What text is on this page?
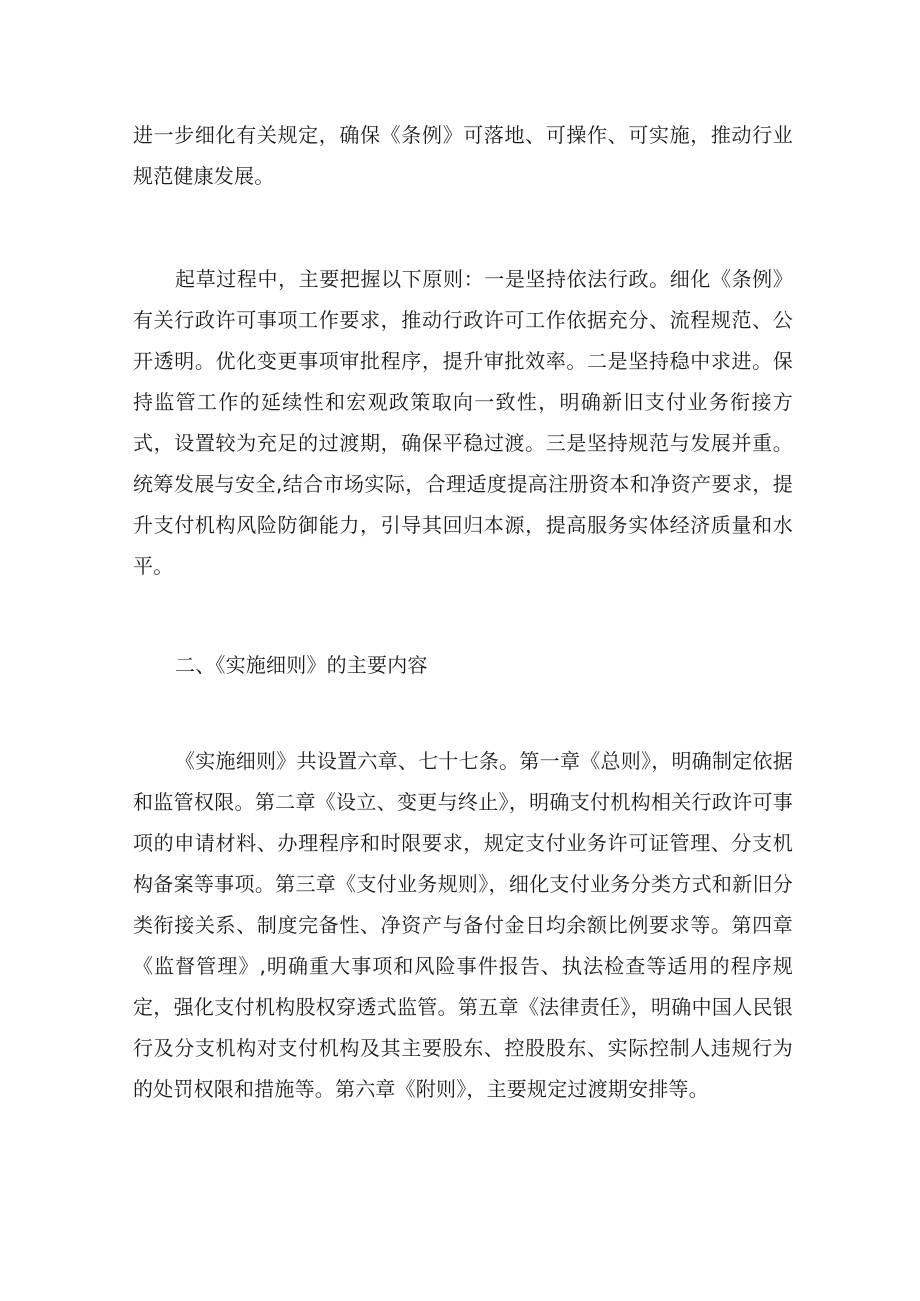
进一步细化有关规定，确保《条例》可落地、可操作、可实施，推动行业规范健康发展。

起草过程中，主要把握以下原则：一是坚持依法行政。细化《条例》有关行政许可事项工作要求，推动行政许可工作依据充分、流程规范、公开透明。优化变更事项审批程序，提升审批效率。二是坚持稳中求进。保持监管工作的延续性和宏观政策取向一致性，明确新旧支付业务衔接方式，设置较为充足的过渡期，确保平稳过渡。三是坚持规范与发展并重。统筹发展与安全,结合市场实际，合理适度提高注册资本和净资产要求，提升支付机构风险防御能力，引导其回归本源，提高服务实体经济质量和水平。

二、《实施细则》的主要内容

《实施细则》共设置六章、七十七条。第一章《总则》，明确制定依据和监管权限。第二章《设立、变更与终止》，明确支付机构相关行政许可事项的申请材料、办理程序和时限要求，规定支付业务许可证管理、分支机构备案等事项。第三章《支付业务规则》，细化支付业务分类方式和新旧分类衔接关系、制度完备性、净资产与备付金日均余额比例要求等。第四章《监督管理》,明确重大事项和风险事件报告、执法检查等适用的程序规定，强化支付机构股权穿透式监管。第五章《法律责任》，明确中国人民银行及分支机构对支付机构及其主要股东、控股股东、实际控制人违规行为的处罚权限和措施等。第六章《附则》，主要规定过渡期安排等。
